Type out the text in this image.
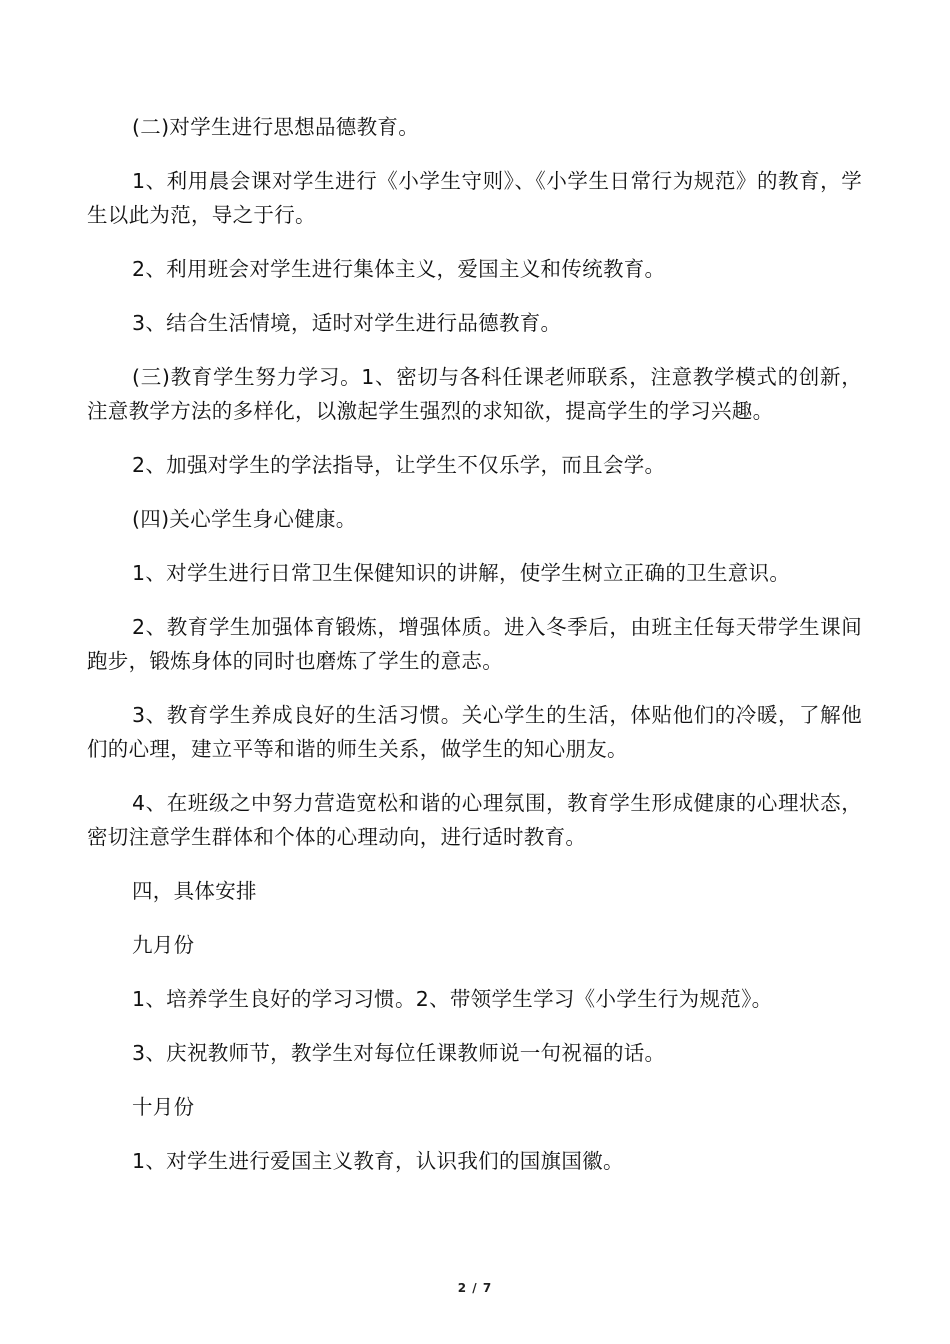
(二)对学生进行思想品德教育。

1、利用晨会课对学生进行《小学生守则》、《小学生日常行为规范》的教育，学生以此为范，导之于行。

2、利用班会对学生进行集体主义，爱国主义和传统教育。

3、结合生活情境，适时对学生进行品德教育。

(三)教育学生努力学习。1、密切与各科任课老师联系，注意教学模式的创新，注意教学方法的多样化，以激起学生强烈的求知欲，提高学生的学习兴趣。

2、加强对学生的学法指导，让学生不仅乐学，而且会学。

(四)关心学生身心健康。

1、对学生进行日常卫生保健知识的讲解，使学生树立正确的卫生意识。

2、教育学生加强体育锻炼，增强体质。进入冬季后，由班主任每天带学生课间跑步，锻炼身体的同时也磨炼了学生的意志。

3、教育学生养成良好的生活习惯。关心学生的生活，体贴他们的冷暖，了解他们的心理，建立平等和谐的师生关系，做学生的知心朋友。

4、在班级之中努力营造宽松和谐的心理氛围，教育学生形成健康的心理状态，密切注意学生群体和个体的心理动向，进行适时教育。

四，具体安排

九月份

1、培养学生良好的学习习惯。2、带领学生学习《小学生行为规范》。

3、庆祝教师节，教学生对每位任课教师说一句祝福的话。

十月份

1、对学生进行爱国主义教育，认识我们的国旗国徽。

2 / 7
